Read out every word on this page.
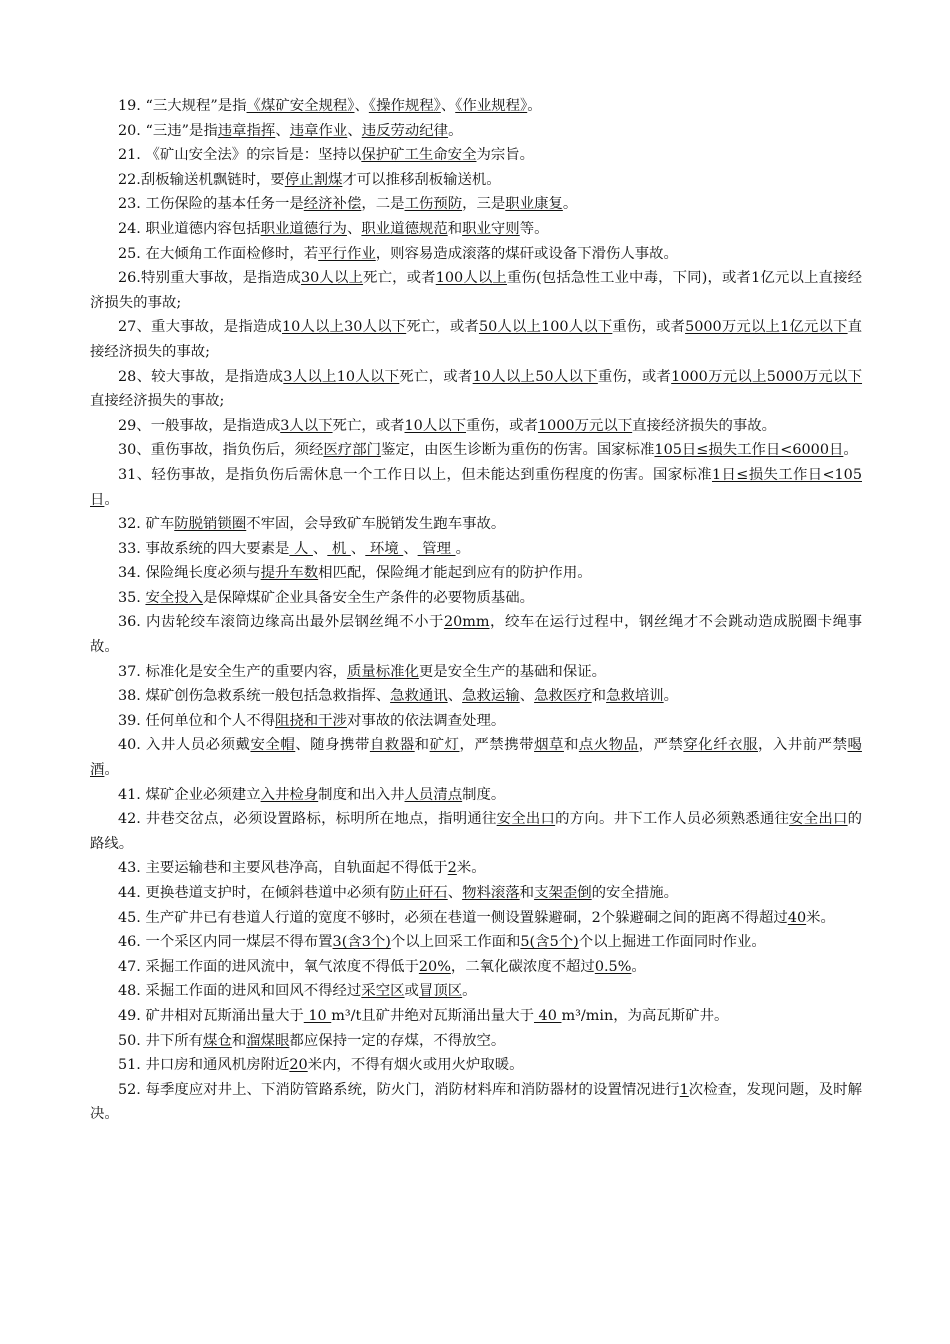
19. “三大规程”是指《煤矿安全规程》、《操作规程》、《作业规程》。

20. “三违”是指违章指挥、违章作业、违反劳动纪律。

21. 《矿山安全法》的宗旨是：坚持以保护矿工生命安全为宗旨。

22.刮板输送机飘链时，要停止割煤才可以推移刮板输送机。

23. 工伤保险的基本任务一是经济补偿，二是工伤预防，三是职业康复。

24. 职业道德内容包括职业道德行为、职业道德规范和职业守则等。

25. 在大倾角工作面检修时，若平行作业，则容易造成滚落的煤矸或设备下滑伤人事故。

26.特别重大事故，是指造成30人以上死亡，或者100人以上重伤(包括急性工业中毒，下同)，或者1亿元以上直接经济损失的事故;

27、重大事故，是指造成10人以上30人以下死亡，或者50人以上100人以下重伤，或者5000万元以上1亿元以下直接经济损失的事故;

28、较大事故，是指造成3人以上10人以下死亡，或者10人以上50人以下重伤，或者1000万元以上5000万元以下直接经济损失的事故;

29、一般事故，是指造成3人以下死亡，或者10人以下重伤，或者1000万元以下直接经济损失的事故。

30、重伤事故，指负伤后，须经医疗部门鉴定，由医生诊断为重伤的伤害。国家标准105日≤损失工作日<6000日。

31、轻伤事故，是指负伤后需休息一个工作日以上，但未能达到重伤程度的伤害。国家标准1日≤损失工作日<105日。

32. 矿车防脱销锁圈不牢固，会导致矿车脱销发生跑车事故。

33. 事故系统的四大要素是 人 、 机 、 环境 、 管理 。

34. 保险绳长度必须与提升车数相匹配，保险绳才能起到应有的防护作用。

35. 安全投入是保障煤矿企业具备安全生产条件的必要物质基础。

36. 内齿轮绞车滚筒边缘高出最外层钢丝绳不小于20mm，绞车在运行过程中，钢丝绳才不会跳动造成脱圈卡绳事故。

37. 标准化是安全生产的重要内容，质量标准化更是安全生产的基础和保证。

38. 煤矿创伤急救系统一般包括急救指挥、急救通讯、急救运输、急救医疗和急救培训。

39. 任何单位和个人不得阻挠和干涉对事故的依法调查处理。

40. 入井人员必须戴安全帽、随身携带自救器和矿灯，严禁携带烟草和点火物品，严禁穿化纤衣服，入井前严禁喝酒。

41. 煤矿企业必须建立入井检身制度和出入井人员清点制度。

42. 井巷交岔点，必须设置路标，标明所在地点，指明通往安全出口的方向。井下工作人员必须熟悉通往安全出口的路线。

43. 主要运输巷和主要风巷净高，自轨面起不得低于2米。

44. 更换巷道支护时，在倾斜巷道中必须有防止矸石、物料滚落和支架歪倒的安全措施。

45. 生产矿井已有巷道人行道的宽度不够时，必须在巷道一侧设置躲避硐，2个躲避硐之间的距离不得超过40米。

46. 一个采区内同一煤层不得布置3(含3个)个以上回采工作面和5(含5个)个以上掘进工作面同时作业。

47. 采掘工作面的进风流中，氧气浓度不得低于20%，二氧化碳浓度不超过0.5%。

48. 采掘工作面的进风和回风不得经过采空区或冒顶区。

49. 矿井相对瓦斯涌出量大于 10 m³/t且矿井绝对瓦斯涌出量大于 40 m³/min，为高瓦斯矿井。

50. 井下所有煤仓和溜煤眼都应保持一定的存煤，不得放空。

51. 井口房和通风机房附近20米内，不得有烟火或用火炉取暖。

52. 每季度应对井上、下消防管路系统，防火门，消防材料库和消防器材的设置情况进行1次检查，发现问题，及时解决。
